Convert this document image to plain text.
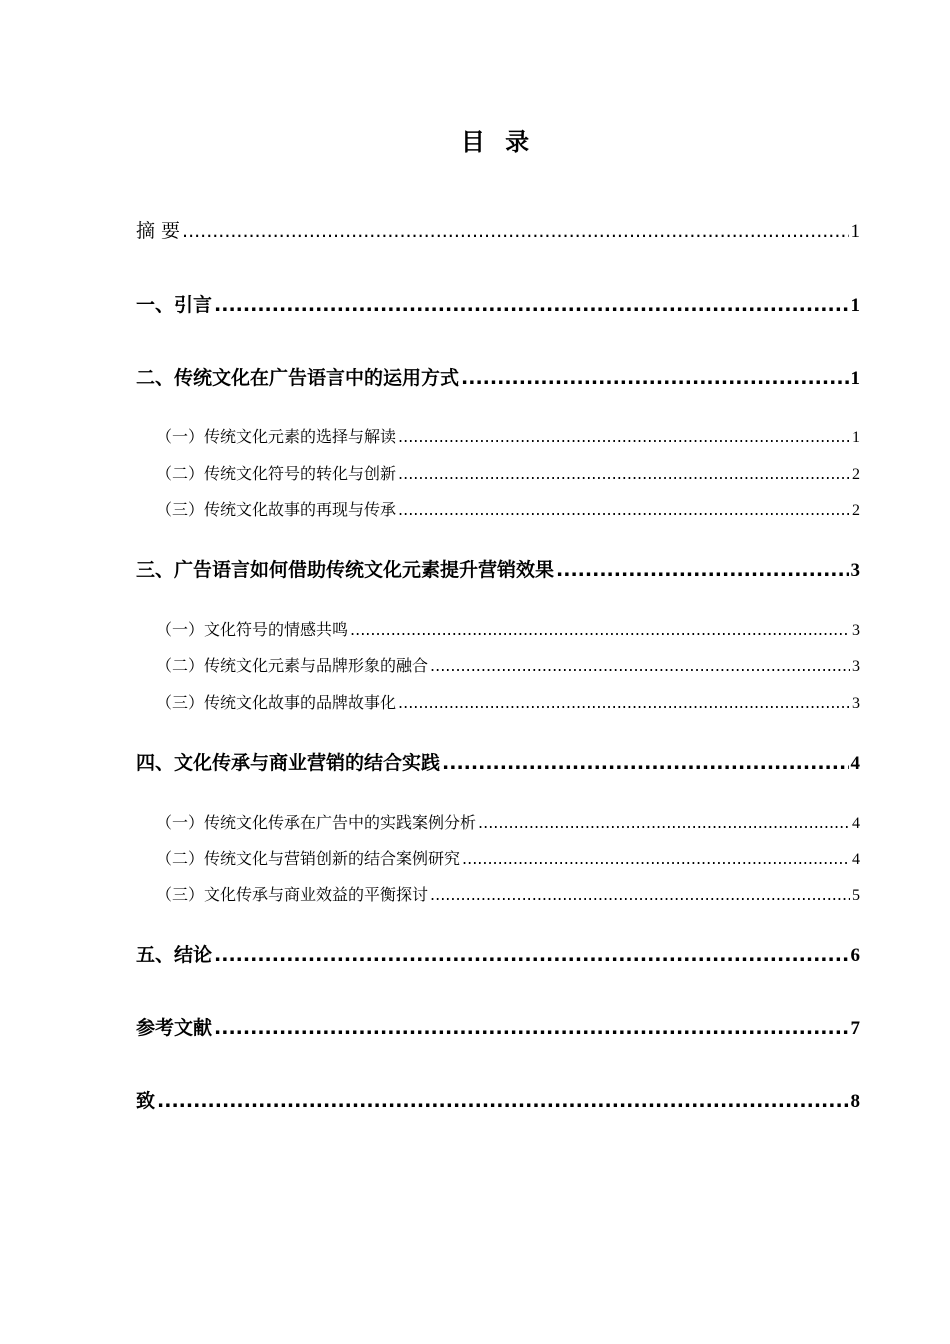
目 录
摘 要 .....	1
一、引言 .....	1
二、传统文化在广告语言中的运用方式 .....	1
（一）传统文化元素的选择与解读 .....	1
（二）传统文化符号的转化与创新 .....	2
（三）传统文化故事的再现与传承 .....	2
三、广告语言如何借助传统文化元素提升营销效果 .....	3
（一）文化符号的情感共鸣 .....	3
（二）传统文化元素与品牌形象的融合 .....	3
（三）传统文化故事的品牌故事化 .....	3
四、文化传承与商业营销的结合实践 .....	4
（一）传统文化传承在广告中的实践案例分析 .....	4
（二）传统文化与营销创新的结合案例研究 .....	4
（三）文化传承与商业效益的平衡探讨 .....	5
五、结论 .....	6
参考文献 .....	7
致 .....	8
